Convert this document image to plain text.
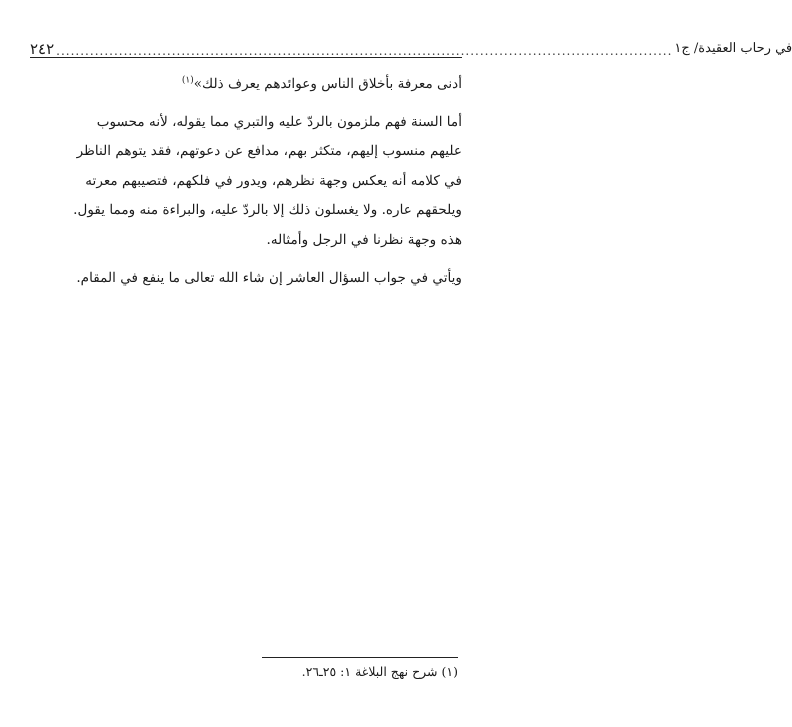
٢٤٢ ................................................................................................................................ في رحاب العقيدة/ ج١

أدنى معرفة بأخلاق الناس وعوائدهم يعرف ذلك»$^{(١)}$

أما السنة فهم ملزمون بالردّ عليه والتبري مما يقوله، لأنه محسوب
عليهم منسوب إليهم، متكثر بهم، مدافع عن دعوتهم، فقد يتوهم الناظر
في كلامه أنه يعكس وجهة نظرهم، ويدور في فلكهم، فتصيبهم معرته
ويلحقهم عاره. ولا يغسلون ذلك إلا بالردّ عليه، والبراءة منه ومما يقول.
هذه وجهة نظرنا في الرجل وأمثاله.
ويأتي في جواب السؤال العاشر إن شاء الله تعالى ما ينفع في المقام.
(١) شرح نهج البلاغة ١: ٢٥ـ٢٦.
